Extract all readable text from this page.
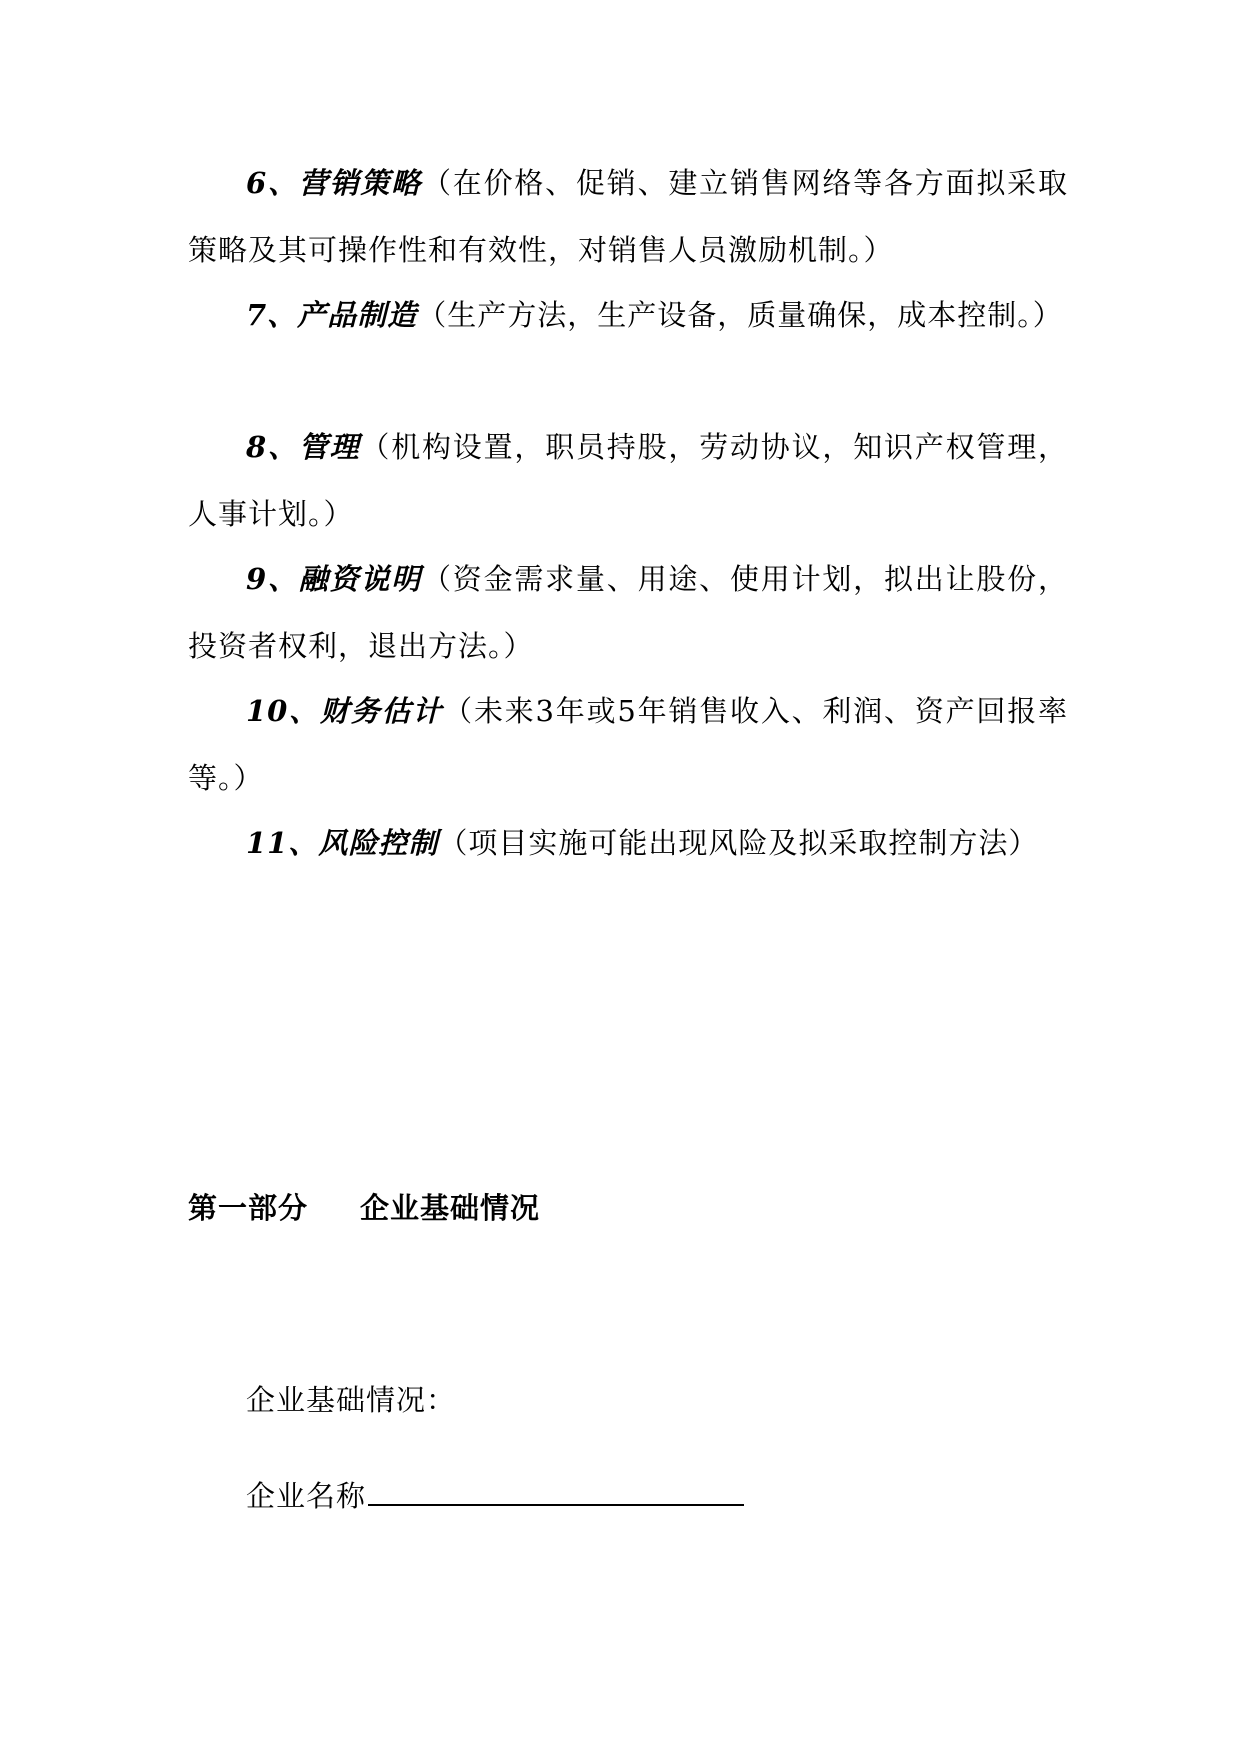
6、营销策略（在价格、促销、建立销售网络等各方面拟采取策略及其可操作性和有效性，对销售人员激励机制。）

7、产品制造（生产方法，生产设备，质量确保，成本控制。）

8、管理（机构设置，职员持股，劳动协议，知识产权管理，人事计划。）

9、融资说明（资金需求量、用途、使用计划，拟出让股份，投资者权利，退出方法。）

10、财务估计（未来3年或5年销售收入、利润、资产回报率等。）

11、风险控制（项目实施可能出现风险及拟采取控制方法）

第一部分 企业基础情况
企业基础情况：
企业名称
